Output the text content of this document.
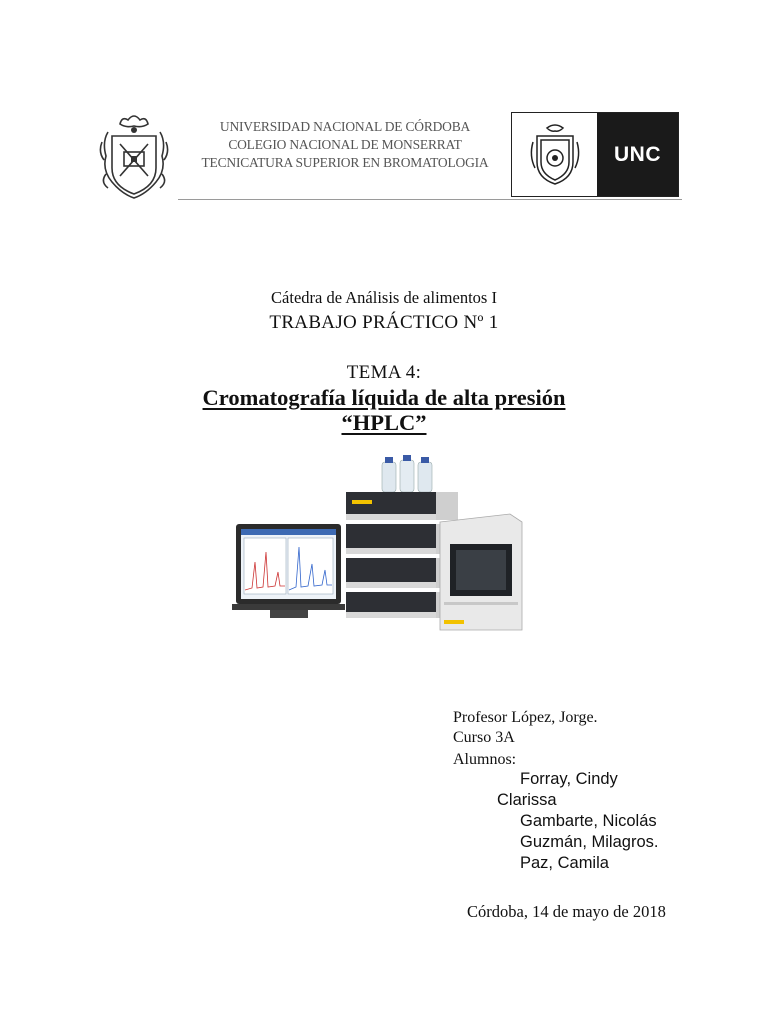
UNIVERSIDAD NACIONAL DE CÓRDOBA
COLEGIO NACIONAL DE MONSERRAT
TECNICATURA SUPERIOR EN BROMATOLOGIA	UNC
Cátedra de Análisis de alimentos I
TRABAJO PRÁCTICO Nº 1
TEMA 4:
Cromatografía líquida de alta presión
“HPLC”
Profesor López, Jorge.
Curso 3A
Alumnos:
Forray, Cindy
Clarissa
Gambarte, Nicolás
Guzmán, Milagros.
Paz, Camila
Córdoba, 14 de mayo de 2018
